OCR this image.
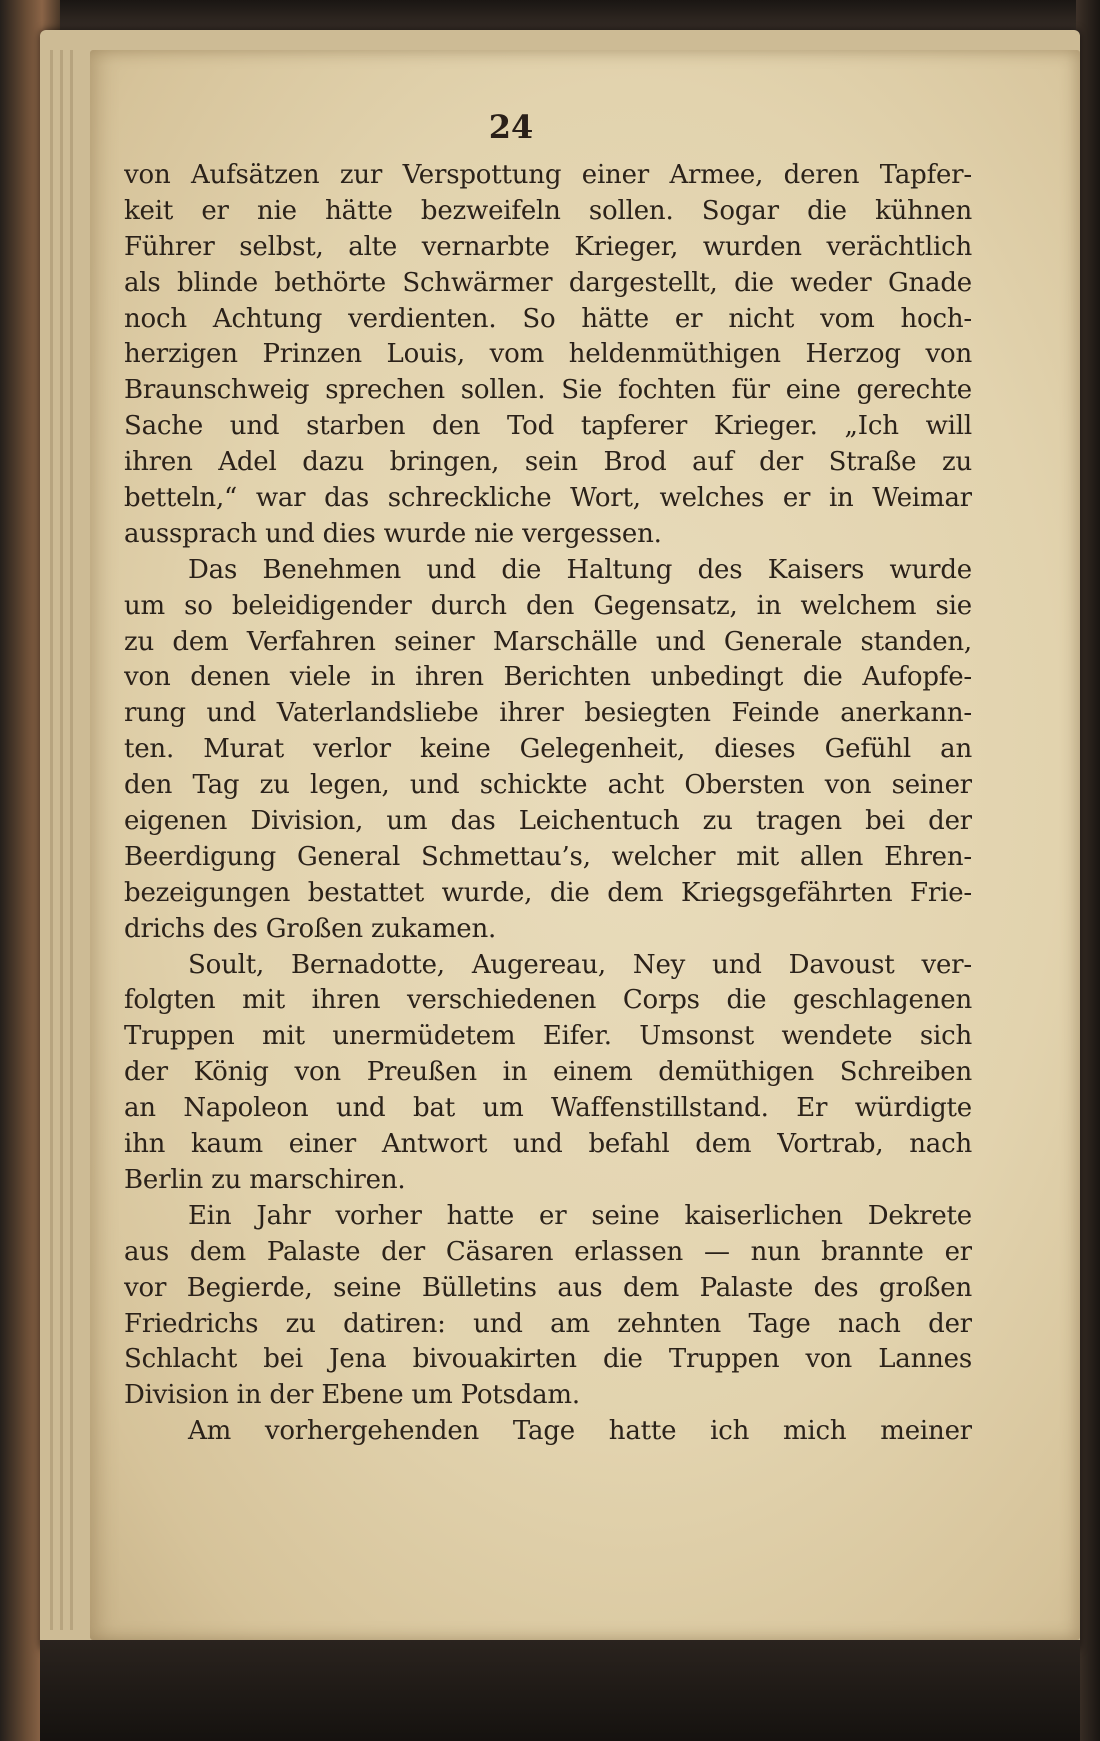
24
von Aufsätzen zur Verspottung einer Armee, deren Tapfer-
keit er nie hätte bezweifeln sollen. Sogar die kühnen
Führer selbst, alte vernarbte Krieger, wurden verächtlich
als blinde bethörte Schwärmer dargestellt, die weder Gnade
noch Achtung verdienten. So hätte er nicht vom hoch-
herzigen Prinzen Louis, vom heldenmüthigen Herzog von
Braunschweig sprechen sollen. Sie fochten für eine gerechte
Sache und starben den Tod tapferer Krieger. „Ich will
ihren Adel dazu bringen, sein Brod auf der Straße zu
betteln,“ war das schreckliche Wort, welches er in Weimar
aussprach und dies wurde nie vergessen.
Das Benehmen und die Haltung des Kaisers wurde
um so beleidigender durch den Gegensatz, in welchem sie
zu dem Verfahren seiner Marschälle und Generale standen,
von denen viele in ihren Berichten unbedingt die Aufopfe-
rung und Vaterlandsliebe ihrer besiegten Feinde anerkann-
ten. Murat verlor keine Gelegenheit, dieses Gefühl an
den Tag zu legen, und schickte acht Obersten von seiner
eigenen Division, um das Leichentuch zu tragen bei der
Beerdigung General Schmettau’s, welcher mit allen Ehren-
bezeigungen bestattet wurde, die dem Kriegsgefährten Frie-
drichs des Großen zukamen.
Soult, Bernadotte, Augereau, Ney und Davoust ver-
folgten mit ihren verschiedenen Corps die geschlagenen
Truppen mit unermüdetem Eifer. Umsonst wendete sich
der König von Preußen in einem demüthigen Schreiben
an Napoleon und bat um Waffenstillstand. Er würdigte
ihn kaum einer Antwort und befahl dem Vortrab, nach
Berlin zu marschiren.
Ein Jahr vorher hatte er seine kaiserlichen Dekrete
aus dem Palaste der Cäsaren erlassen — nun brannte er
vor Begierde, seine Bülletins aus dem Palaste des großen
Friedrichs zu datiren: und am zehnten Tage nach der
Schlacht bei Jena bivouakirten die Truppen von Lannes
Division in der Ebene um Potsdam.
Am vorhergehenden Tage hatte ich mich meiner
